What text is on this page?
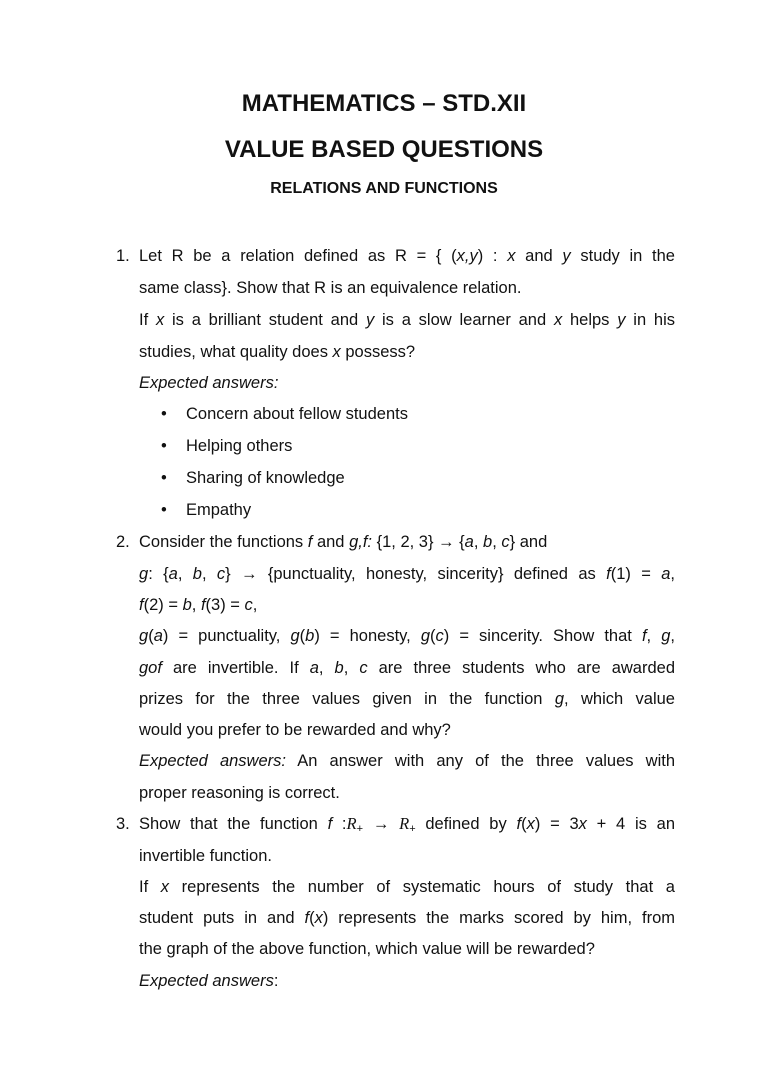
MATHEMATICS – STD.XII
VALUE BASED QUESTIONS
RELATIONS AND FUNCTIONS
1. Let R be a relation defined as R = { (x,y) : x and y study in the
same class}. Show that R is an equivalence relation.
If x is a brilliant student and y is a slow learner and x helps y in his
studies, what quality does x possess?
Expected answers:
• Concern about fellow students
• Helping others
• Sharing of knowledge
• Empathy
2. Consider the functions f and g,f: {1, 2, 3} → {a, b, c} and
g: {a, b, c} → {punctuality, honesty, sincerity} defined as f(1) = a,
f(2) = b, f(3) = c,
g(a) = punctuality, g(b) = honesty, g(c) = sincerity. Show that f, g,
gof are invertible. If a, b, c are three students who are awarded
prizes for the three values given in the function g, which value
would you prefer to be rewarded and why?
Expected answers: An answer with any of the three values with
proper reasoning is correct.
3. Show that the function f :R+ → R+ defined by f(x) = 3x + 4 is an
invertible function.
If x represents the number of systematic hours of study that a
student puts in and f(x) represents the marks scored by him, from
the graph of the above function, which value will be rewarded?
Expected answers:
